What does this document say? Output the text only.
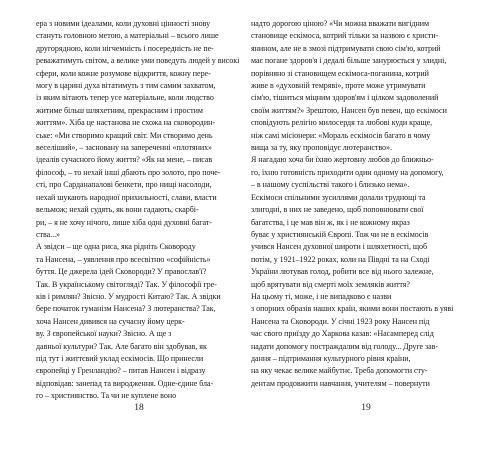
ера з новими ідеалами, коли духовні цінності знову
стануть головною метою, а матеріальні – всього лише
другорядною, коли нігчемність і посередність не пе-
реважатимуть світом, а велике уми поведуть людей у високі
сфери, коли кожне розумове відкриття, кожну пере-
могу в царині духа вітатимуть з тим самим захватом,
із яким вітають тепер усе матеріальне, коли людство
житиме більш шляхетним, прекрасним і простим
життям». Хіба це настанова не схожа на сковородин-
ське: «Ми створимо кращий світ. Ми створимо день
веселіший», – засновану на запереченні «плотяних»
ідеалів сучасного йому життя? «Як на мене, – писав
філософ, – то нехай інші дбають про золото, про поче-
сті, про Сарданапалові бенкети, про нищі насолоди,
нехай шукають народної прихильності, слави, власти
вельмож; нехай судять, як вони гадають, скарбі-
ри, – я не хочу нічого, лише хіба одні духовні багат-
ства...»
А звідси – ще одна риса, яка рідніть Сковороду
та Нансена, – уявлення про всесвітню «софійність»
буття. Це джерела ідей Сковороди? У православ'ї?
Так. В українському світогляді? Так. У філософії гре-
ків і римлян? Звісно. У мудрості Китаю? Так. А звідки
бере початок гуманізм Нансена? З лютеранства? Так,
хоча Нансен дивився на сучасну йому церк-
ву. З європейської науки? Звісно. А ще з
давньої культури? Так. Але багато він здобував, як
під тут і життєвий уклад ескімосів. Що принесли
європейці у Гренландію? – питав Нансен і відразу
відповідав: занепад та виродження. Одне-єдине бла-
го – християнство. Та чи не куплене воно
18
надто дорогою ціною? «Чи можна вважати вигідним
становище ескімоса, котрий тільки за назвою є христи-
янином, але не в змозі підтримувати свою сім'ю, котрий
має погане здоров'я і дедалі більше занурюється у злидні,
порівняно зі становищем ескімоса-поганина, котрий
живе в «духовній темряві», проте може утримувати
сім'ю, тішиться міцним здоров'ям і цілком задоволений
своїм життям?» Зрештою, Нансен був певен, що ескімоси
сповідують релігію милосердя та любові куди краще,
ніж самі місіонери: «Мораль ескімосів багато в чому
вища за ту, яку проповідує лютеранство».
Я нагадаю хоча би їхню жертовну любов до ближньо-
го, їхню готовність приходити один одному на допомогу,
– в нашому суспільстві такого і близько нема».
Ескімоси спільними зусиллями долали труднощі та
злигодні, в них не заведено, щоб поповнювати свої
багатства, і це мав він ж, як і не кожному якраз
буває у християнській Європі. Тож чи не в ескімосів
учився Нансен духовної широти і шляхетності, щоб
потім, у 1921–1922 роках, коли на Півдні та на Сході
України лютував голод, робити все від нього залежне,
щоб врятувати від смерті моїх земляків життя?
На цьому ті, може, і не випадково є назви
з опорних образів наших країн, якими вони постають в уяві
Нансена та Сковороди. У січні 1923 року Нансен під
час свого приїзду до Харкова казав: «Насамперед слід
надати допомогу постраждалим від голоду... Друге зав-
дання – підтримання культурного рівня країни,
на яку чекає велике майбутнє. Треба допомогти сту-
дентам продовжити навчання, учителям – повернути
19
